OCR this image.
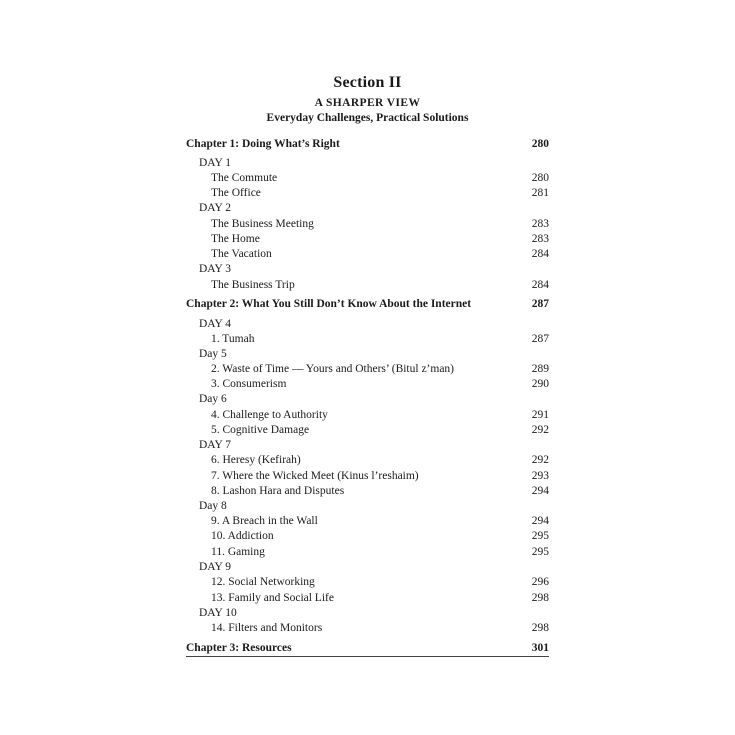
Section II
A SHARPER VIEW
Everyday Challenges, Practical Solutions
Chapter 1: Doing What’s Right	280
DAY 1
The Commute	280
The Office	281
DAY 2
The Business Meeting	283
The Home	283
The Vacation	284
DAY 3
The Business Trip	284
Chapter 2: What You Still Don’t Know About the Internet	287
DAY 4
1. Tumah	287
Day 5
2. Waste of Time — Yours and Others’ (Bitul z’man)	289
3. Consumerism	290
Day 6
4. Challenge to Authority	291
5. Cognitive Damage	292
DAY 7
6. Heresy (Kefirah)	292
7. Where the Wicked Meet (Kinus l’reshaim)	293
8. Lashon Hara and Disputes	294
Day 8
9. A Breach in the Wall	294
10. Addiction	295
11. Gaming	295
DAY 9
12. Social Networking	296
13. Family and Social Life	298
DAY 10
14. Filters and Monitors	298
Chapter 3: Resources	301
